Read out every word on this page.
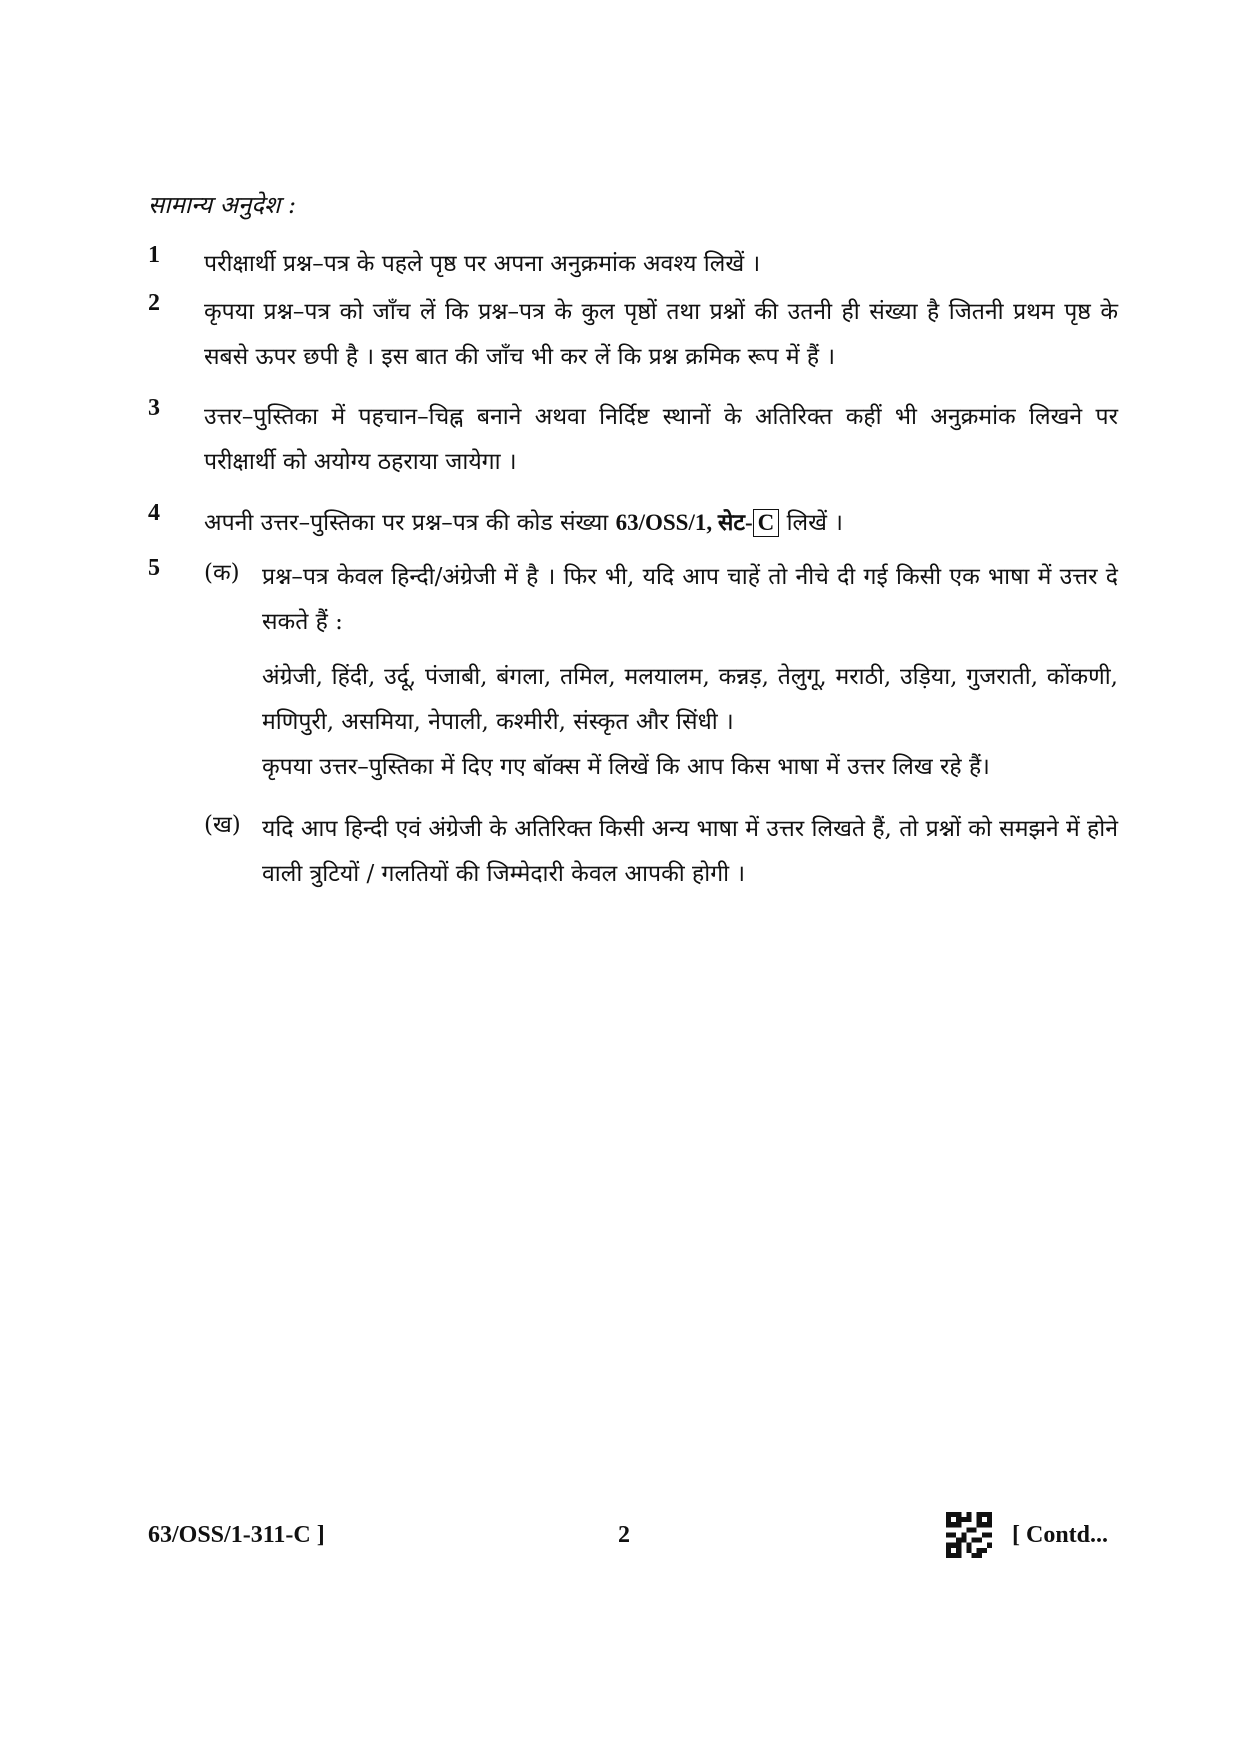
सामान्य अनुदेश :
1 परीक्षार्थी प्रश्न–पत्र के पहले पृष्ठ पर अपना अनुक्रमांक अवश्य लिखें ।
2 कृपया प्रश्न–पत्र को जाँच लें कि प्रश्न–पत्र के कुल पृष्ठों तथा प्रश्नों की उतनी ही संख्या है जितनी प्रथम पृष्ठ के सबसे ऊपर छपी है । इस बात की जाँच भी कर लें कि प्रश्न क्रमिक रूप में हैं ।
3 उत्तर–पुस्तिका में पहचान–चिह्न बनाने अथवा निर्दिष्ट स्थानों के अतिरिक्त कहीं भी अनुक्रमांक लिखने पर परीक्षार्थी को अयोग्य ठहराया जायेगा ।
4 अपनी उत्तर–पुस्तिका पर प्रश्न–पत्र की कोड संख्या 63/OSS/1, सेट- C लिखें ।
5 (क) प्रश्न–पत्र केवल हिन्दी/अंग्रेजी में है । फिर भी, यदि आप चाहें तो नीचे दी गई किसी एक भाषा में उत्तर दे सकते हैं :
अंग्रेजी, हिंदी, उर्दू, पंजाबी, बंगला, तमिल, मलयालम, कन्नड़, तेलुगू, मराठी, उड़िया, गुजराती, कोंकणी, मणिपुरी, असमिया, नेपाली, कश्मीरी, संस्कृत और सिंधी ।
कृपया उत्तर–पुस्तिका में दिए गए बॉक्स में लिखें कि आप किस भाषा में उत्तर लिख रहे हैं।
(ख) यदि आप हिन्दी एवं अंग्रेजी के अतिरिक्त किसी अन्य भाषा में उत्तर लिखते हैं, तो प्रश्नों को समझने में होने वाली त्रुटियों / गलतियों की जिम्मेदारी केवल आपकी होगी ।
63/OSS/1-311-C ]	2	[ Contd...
